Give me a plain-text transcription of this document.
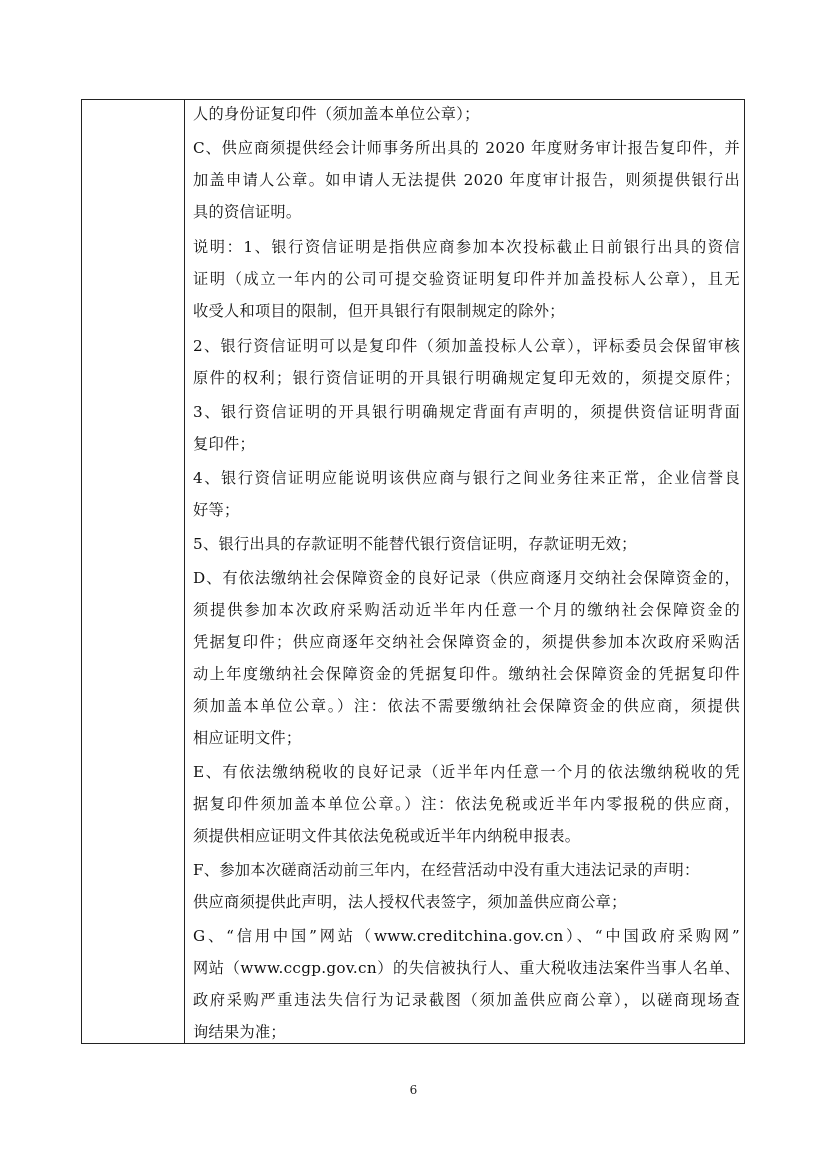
人的身份证复印件（须加盖本单位公章）；
C、供应商须提供经会计师事务所出具的 2020 年度财务审计报告复印件，并
加盖申请人公章。如申请人无法提供 2020 年度审计报告，则须提供银行出
具的资信证明。
说明：1、银行资信证明是指供应商参加本次投标截止日前银行出具的资信
证明（成立一年内的公司可提交验资证明复印件并加盖投标人公章），且无
收受人和项目的限制，但开具银行有限制规定的除外；
2、银行资信证明可以是复印件（须加盖投标人公章），评标委员会保留审核
原件的权利；银行资信证明的开具银行明确规定复印无效的，须提交原件；
3、银行资信证明的开具银行明确规定背面有声明的，须提供资信证明背面
复印件；
4、银行资信证明应能说明该供应商与银行之间业务往来正常，企业信誉良
好等；
5、银行出具的存款证明不能替代银行资信证明，存款证明无效；
D、有依法缴纳社会保障资金的良好记录（供应商逐月交纳社会保障资金的，
须提供参加本次政府采购活动近半年内任意一个月的缴纳社会保障资金的
凭据复印件；供应商逐年交纳社会保障资金的，须提供参加本次政府采购活
动上年度缴纳社会保障资金的凭据复印件。缴纳社会保障资金的凭据复印件
须加盖本单位公章。）注：依法不需要缴纳社会保障资金的供应商，须提供
相应证明文件；
E、有依法缴纳税收的良好记录（近半年内任意一个月的依法缴纳税收的凭
据复印件须加盖本单位公章。）注：依法免税或近半年内零报税的供应商，
须提供相应证明文件其依法免税或近半年内纳税申报表。
F、参加本次磋商活动前三年内，在经营活动中没有重大违法记录的声明：
供应商须提供此声明，法人授权代表签字，须加盖供应商公章；
G、“信用中国”网站（www.creditchina.gov.cn）、“中国政府采购网”
网站（www.ccgp.gov.cn）的失信被执行人、重大税收违法案件当事人名单、
政府采购严重违法失信行为记录截图（须加盖供应商公章），以磋商现场查
询结果为准；
6
